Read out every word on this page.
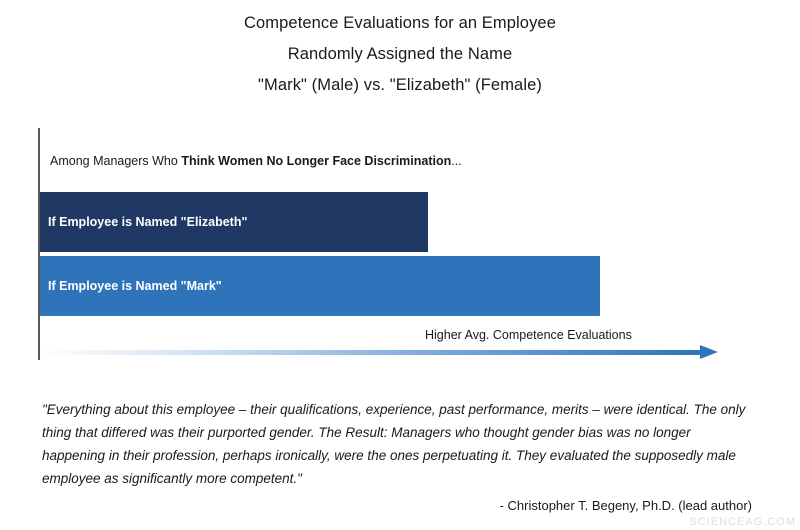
Competence Evaluations for an Employee
Randomly Assigned the Name
"Mark" (Male) vs. "Elizabeth" (Female)
Among Managers Who Think Women No Longer Face Discrimination...
If Employee is Named "Elizabeth"
If Employee is Named "Mark"
Higher Avg. Competence Evaluations
"Everything about this employee – their qualifications, experience, past performance, merits – were identical. The only thing that differed was their purported gender. The Result: Managers who thought gender bias was no longer happening in their profession, perhaps ironically, were the ones perpetuating it. They evaluated the supposedly male employee as significantly more competent."
- Christopher T. Begeny, Ph.D. (lead author)
SCIENCEAG.COM
